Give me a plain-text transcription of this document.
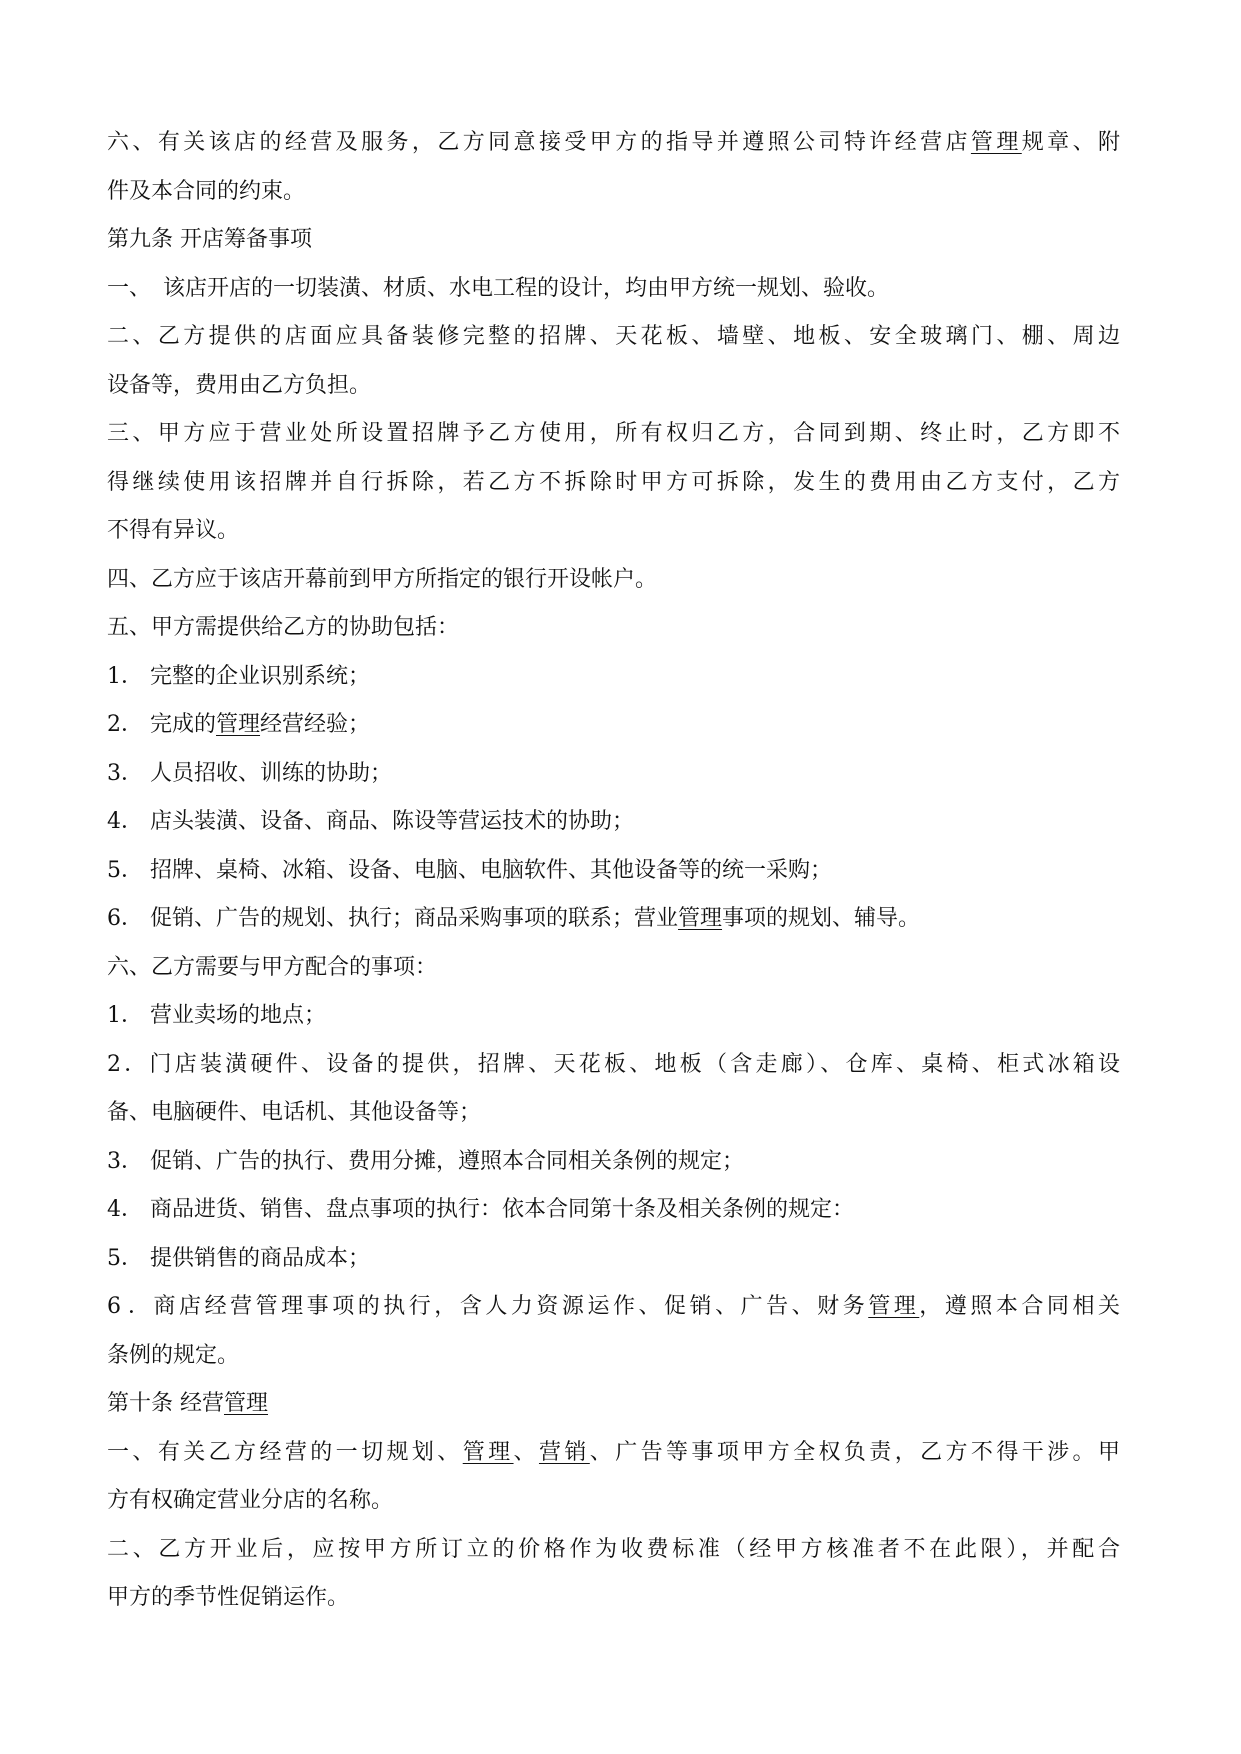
六、有关该店的经营及服务，乙方同意接受甲方的指导并遵照公司特许经营店管理规章、附
件及本合同的约束。
第九条 开店筹备事项
一、 该店开店的一切装潢、材质、水电工程的设计，均由甲方统一规划、验收。
二、乙方提供的店面应具备装修完整的招牌、天花板、墙壁、地板、安全玻璃门、棚、周边
设备等，费用由乙方负担。
三、甲方应于营业处所设置招牌予乙方使用，所有权归乙方，合同到期、终止时，乙方即不
得继续使用该招牌并自行拆除，若乙方不拆除时甲方可拆除，发生的费用由乙方支付，乙方
不得有异议。
四、乙方应于该店开幕前到甲方所指定的银行开设帐户。
五、甲方需提供给乙方的协助包括：
1． 完整的企业识别系统；
2． 完成的管理经营经验；
3． 人员招收、训练的协助；
4． 店头装潢、设备、商品、陈设等营运技术的协助；
5． 招牌、桌椅、冰箱、设备、电脑、电脑软件、其他设备等的统一采购；
6． 促销、广告的规划、执行；商品采购事项的联系；营业管理事项的规划、辅导。
六、乙方需要与甲方配合的事项：
1． 营业卖场的地点；
2．门店装潢硬件、设备的提供，招牌、天花板、地板（含走廊）、仓库、桌椅、柜式冰箱设
备、电脑硬件、电话机、其他设备等；
3． 促销、广告的执行、费用分摊，遵照本合同相关条例的规定；
4． 商品进货、销售、盘点事项的执行：依本合同第十条及相关条例的规定：
5． 提供销售的商品成本；
6．商店经营管理事项的执行，含人力资源运作、促销、广告、财务管理，遵照本合同相关
条例的规定。
第十条 经营管理
一、有关乙方经营的一切规划、管理、营销、广告等事项甲方全权负责，乙方不得干涉。甲
方有权确定营业分店的名称。
二、乙方开业后，应按甲方所订立的价格作为收费标准（经甲方核准者不在此限），并配合
甲方的季节性促销运作。
